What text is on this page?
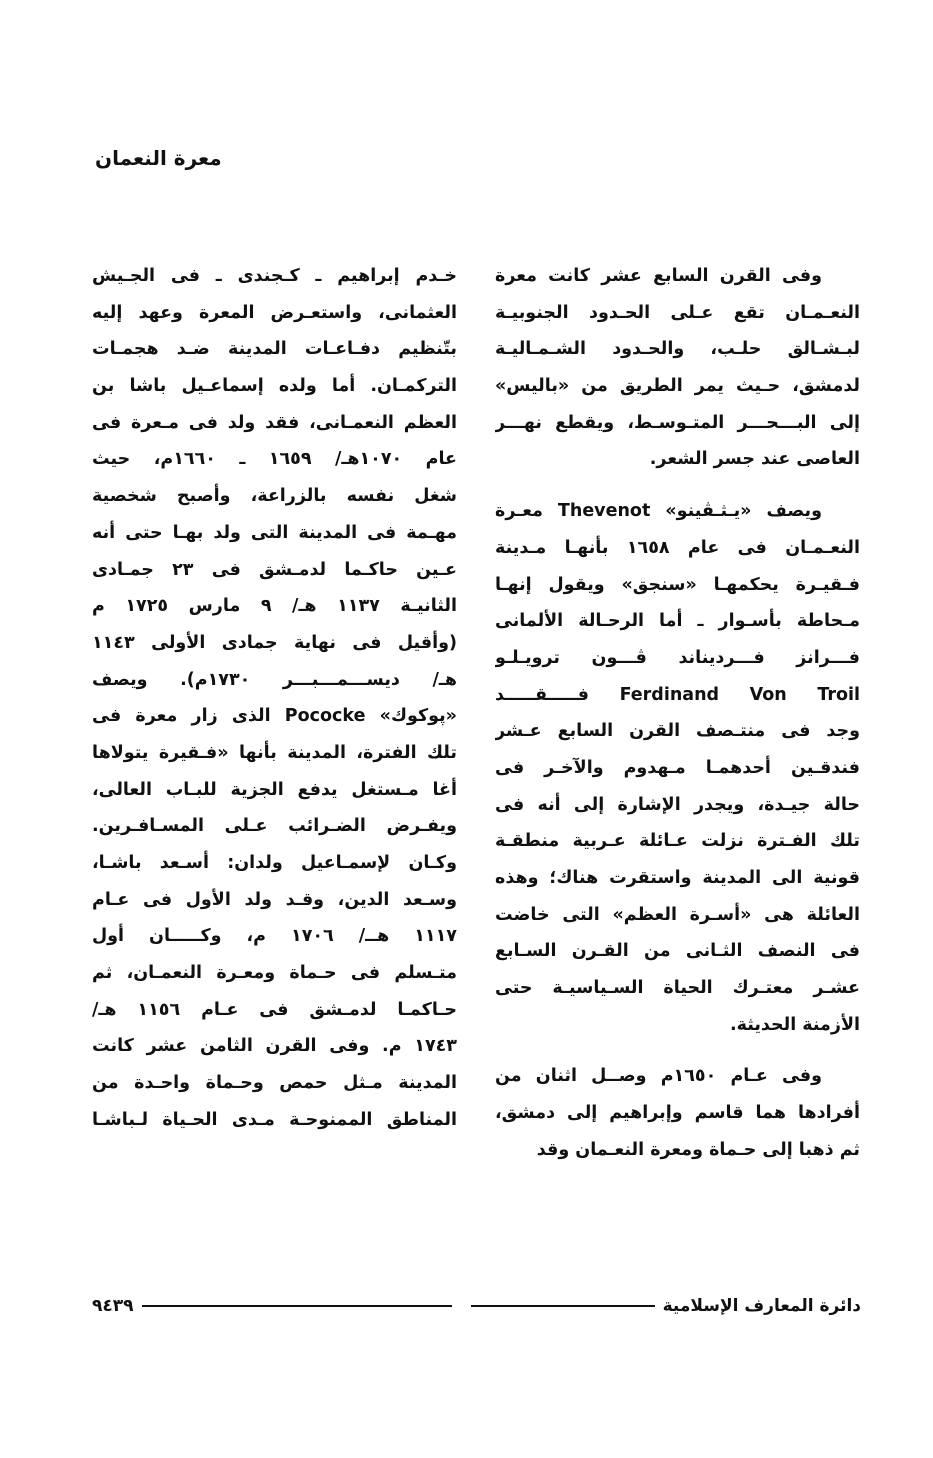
معرة النعمان
وفى القرن السابع عشر كانت معرة
النعـمـان تقع عـلى الحـدود الجنوبيـة
لبـشـالق حلـب، والحـدود الشـمـاليـة
لدمشق، حـيث يمر الطريق من «باليس»
إلى البـــحـــر المتـوسـط، ويقطع نهـــر
العاصى عند جسر الشعر.
ويصف «يـثـڤينو» Thevenot معـرة
النعـمـان فى عام ١٦٥٨ بأنهـا مـدينة
فـقيـرة يحكمهـا «سنجق» ويقول إنهـا
مـحاطة بأسـوار ـ أما الرحـالة الألمانى
فـــرانز فـــرديناند ڤـــون ترويـلـو
Ferdinand Von Troil فـــــقـــــد
وجد فى منتـصف القرن السابع عـشر
فندقـين أحدهمـا مـهدوم والآخـر فى
حالة جيـدة، ويجدر الإشارة إلى أنه فى
تلك الفـترة نزلت عـائلة عـربية منطقـة
قونية الى المدينة واستقرت هناك؛ وهذه
العائلة هى «أسـرة العظم» التى خاضت
فى النصف الثـانى من القـرن السـابع
عشـر معتـرك الحياة السـياسيـة حتى
الأزمنة الحديثة.
وفى عـام ١٦٥٠م وصــل اثنان من
أفرادها هما قاسم وإبراهيم إلى دمشق،
ثم ذهبا إلى حـماة ومعرة النعـمان وقد
خـدم إبراهيم ـ كـجندى ـ فى الجـيش
العثمانى، واستعـرض المعرة وعهد إليه
بتّنظيم دفـاعـات المدينة ضـد هجمـات
التركمـان. أما ولده إسماعـيل باشا بن
العظم النعمـانى، فقد ولد فى مـعرة فى
عام ١٠٧٠هـ/ ١٦٥٩ ـ ١٦٦٠م، حيث
شغل نفسه بالزراعة، وأصبح شخصية
مهـمة فى المدينة التى ولد بهـا حتى أنه
عـين حاكـما لدمـشق فى ٢٣ جمـادى
الثانيـة ١١٣٧ هـ/ ٩ مارس ١٧٢٥ م
(وأقيل فى نهاية جمادى الأولى ١١٤٣
هـ/ ديســـمـــبـــر ١٧٣٠م). ويصف
«پوكوك» Pococke الذى زار معرة فى
تلك الفترة، المدينة بأنها «فـقيرة يتولاها
أغا مـستغل يدفع الجزية للبـاب العالى،
ويفـرض الضـرائب عـلى المسـافـرين.
وكـان لإسمـاعيل ولدان: أسـعد باشـا،
وسـعد الدين، وقـد ولد الأول فى عـام
١١١٧ هــ/ ١٧٠٦ م، وكـــــان أول
متـسلم فى حـماة ومعـرة النعمـان، ثم
حـاكمـا لدمـشق فى عـام ١١٥٦ هـ/
١٧٤٣ م. وفى القرن الثامن عشر كانت
المدينة مـثل حمص وحـماة واحـدة من
المناطق الممنوحـة مـدى الحـياة لـباشـا
دائرة المعارف الإسلامية
٩٤٣٩
